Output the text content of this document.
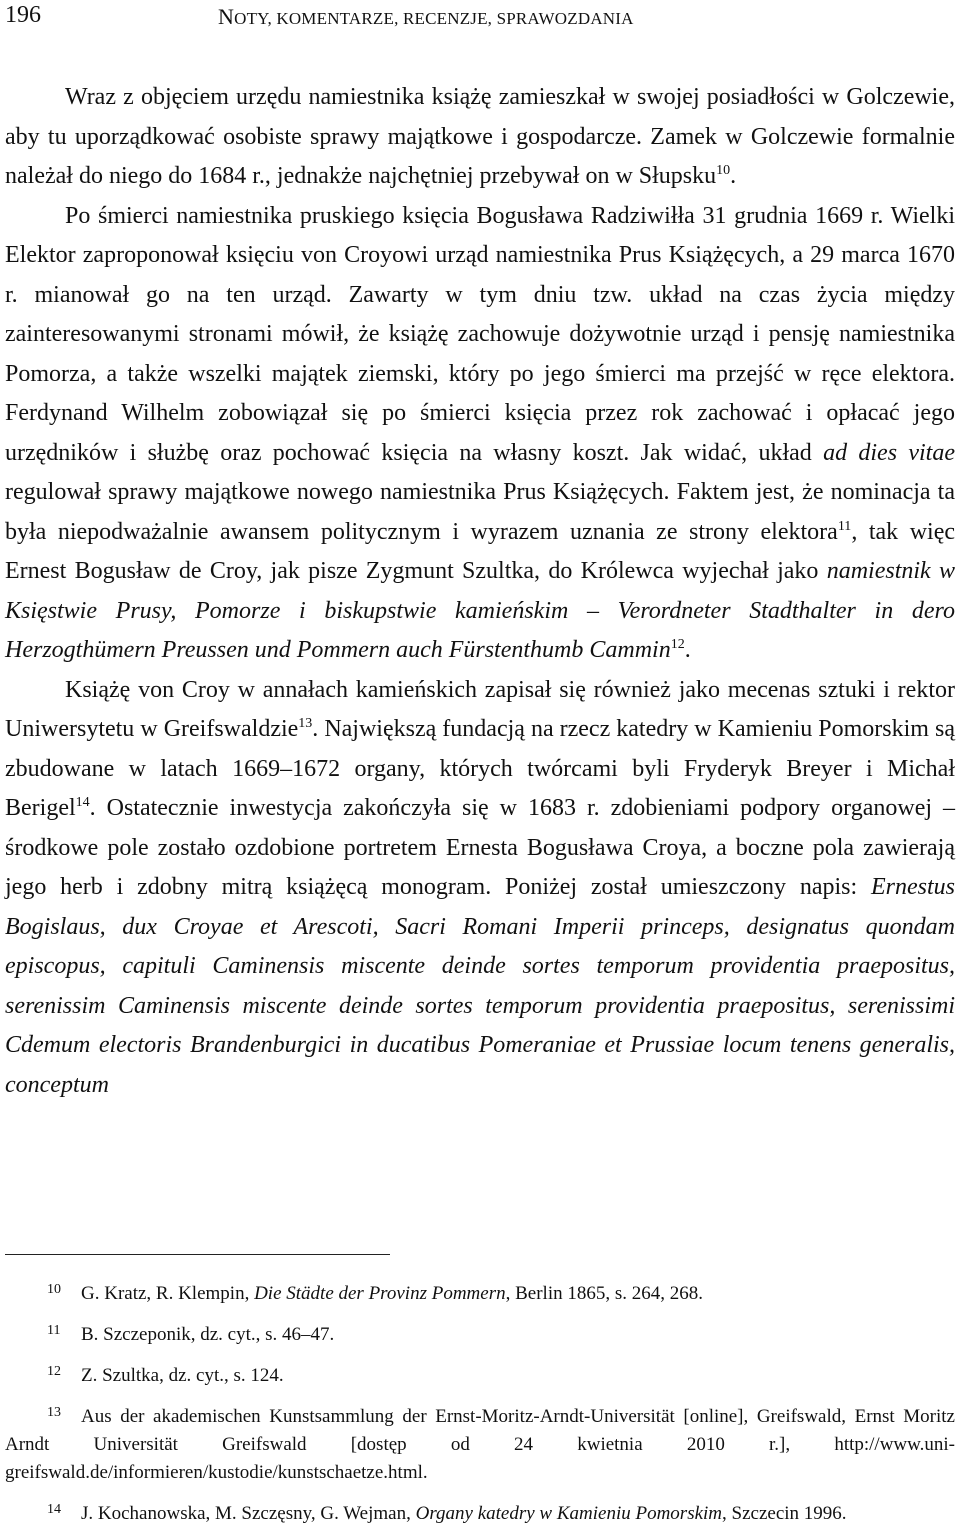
196	NOTY, KOMENTARZE, RECENZJE, SPRAWOZDANIA

Wraz z objęciem urzędu namiestnika książę zamieszkał w swojej posiadłości w Golczewie, aby tu uporządkować osobiste sprawy majątkowe i gospodarcze. Zamek w Golczewie formalnie należał do niego do 1684 r., jednakże najchętniej przebywał on w Słupsku$^{10}$.

Po śmierci namiestnika pruskiego księcia Bogusława Radziwiłła 31 grudnia 1669 r. Wielki Elektor zaproponował księciu von Croyowi urząd namiestnika Prus Książęcych, a 29 marca 1670 r. mianował go na ten urząd. Zawarty w tym dniu tzw. układ na czas życia między zainteresowanymi stronami mówił, że książę zachowuje dożywotnie urząd i pensję namiestnika Pomorza, a także wszelki majątek ziemski, który po jego śmierci ma przejść w ręce elektora. Ferdynand Wilhelm zobowiązał się po śmierci księcia przez rok zachować i opłacać jego urzędników i służbę oraz pochować księcia na własny koszt. Jak widać, układ ad dies vitae regulował sprawy majątkowe nowego namiestnika Prus Książęcych. Faktem jest, że nominacja ta była niepodważalnie awansem politycznym i wyrazem uznania ze strony elektora$^{11}$, tak więc Ernest Bogusław de Croy, jak pisze Zygmunt Szultka, do Królewca wyjechał jako namiestnik w Księstwie Prusy, Pomorze i biskupstwie kamieńskim – Verordneter Stadthalter in dero Herzogthümern Preussen und Pommern auch Fürstenthumb Cammin$^{12}$.

Książę von Croy w annałach kamieńskich zapisał się również jako mecenas sztuki i rektor Uniwersytetu w Greifswaldzie$^{13}$. Największą fundacją na rzecz katedry w Kamieniu Pomorskim są zbudowane w latach 1669–1672 organy, których twórcami byli Fryderyk Breyer i Michał Berigel$^{14}$. Ostatecznie inwestycja zakończyła się w 1683 r. zdobieniami podpory organowej – środkowe pole zostało ozdobione portretem Ernesta Bogusława Croya, a boczne pola zawierają jego herb i zdobny mitrą książęcą monogram. Poniżej został umieszczony napis: Ernestus Bogislaus, dux Croyae et Arescoti, Sacri Romani Imperii princeps, designatus quondam episcopus, capituli Caminensis miscente deinde sortes temporum providentia praepositus, serenissim Caminensis miscente deinde sortes temporum providentia praepositus, serenissimi Cdemum electoris Brandenburgici in ducatibus Pomeraniae et Prussiae locum tenens generalis, conceptum

10 G. Kratz, R. Klempin, Die Städte der Provinz Pommern, Berlin 1865, s. 264, 268.
11 B. Szczeponik, dz. cyt., s. 46–47.
12 Z. Szultka, dz. cyt., s. 124.
13 Aus der akademischen Kunstsammlung der Ernst-Moritz-Arndt-Universität [online], Greifswald, Ernst Moritz Arndt Universität Greifswald [dostęp od 24 kwietnia 2010 r.], http://www.uni-greifswald.de/informieren/kustodie/kunstschaetze.html.
14 J. Kochanowska, M. Szczęsny, G. Wejman, Organy katedry w Kamieniu Pomorskim, Szczecin 1996.
